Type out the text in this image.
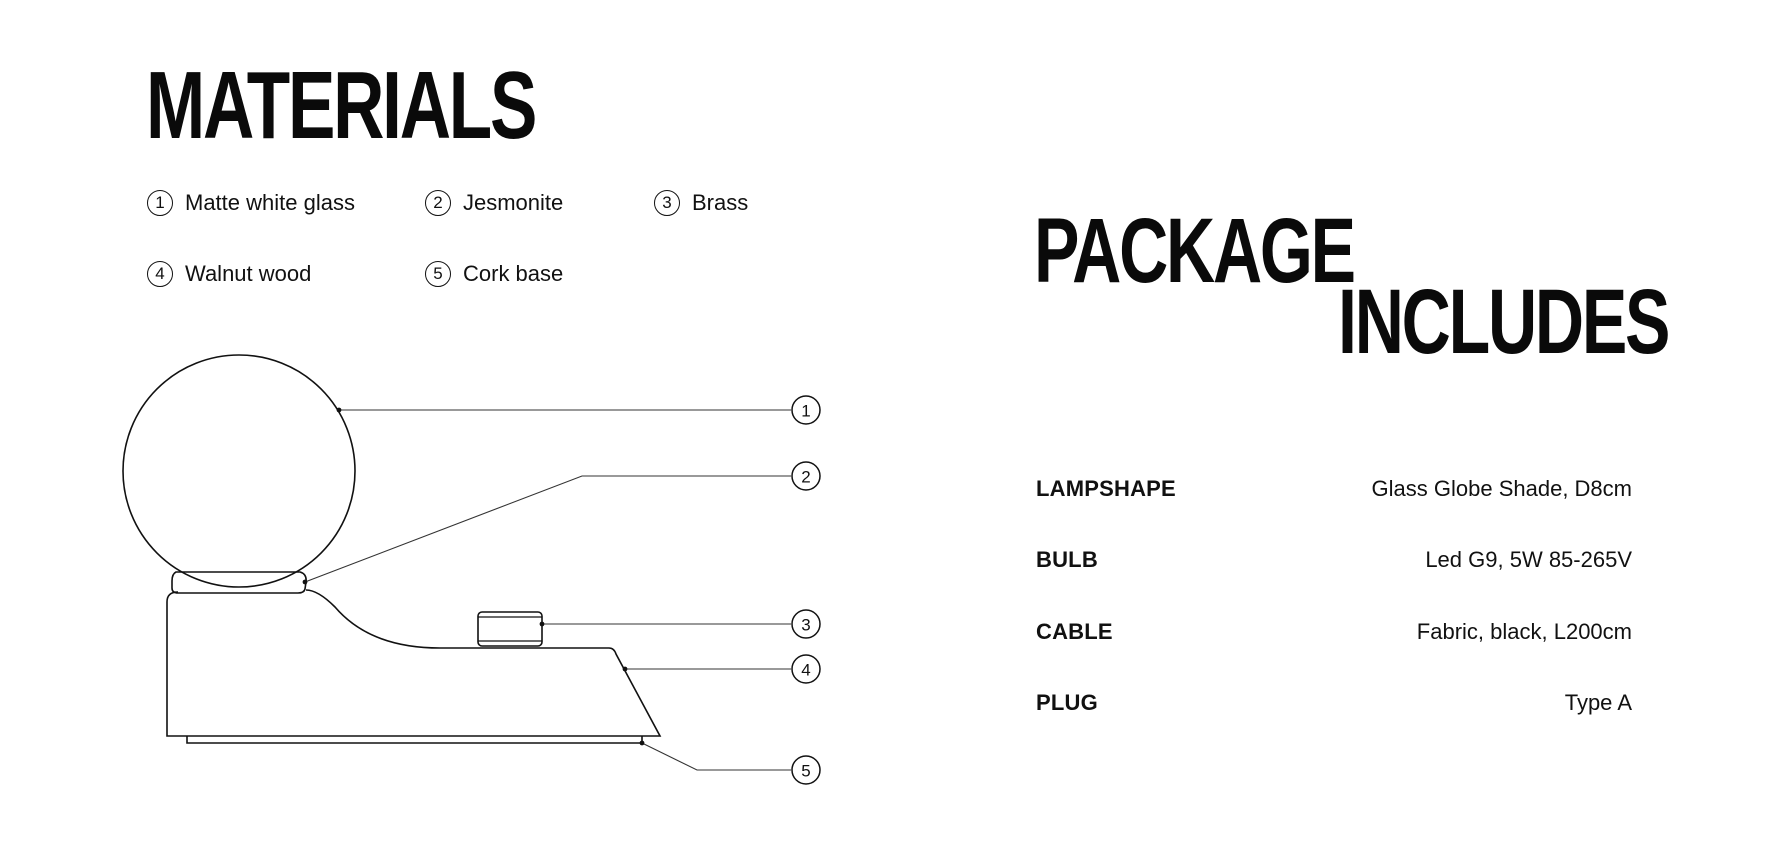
MATERIALS
PACKAGE
INCLUDES
1 Matte white glass	2 Jesmonite	3 Brass
4 Walnut wood	5 Cork base
1
2
3
4
5
LAMPSHAPE	Glass Globe Shade, D8cm
BULB	Led G9, 5W 85-265V
CABLE	Fabric, black, L200cm
PLUG	Type A
